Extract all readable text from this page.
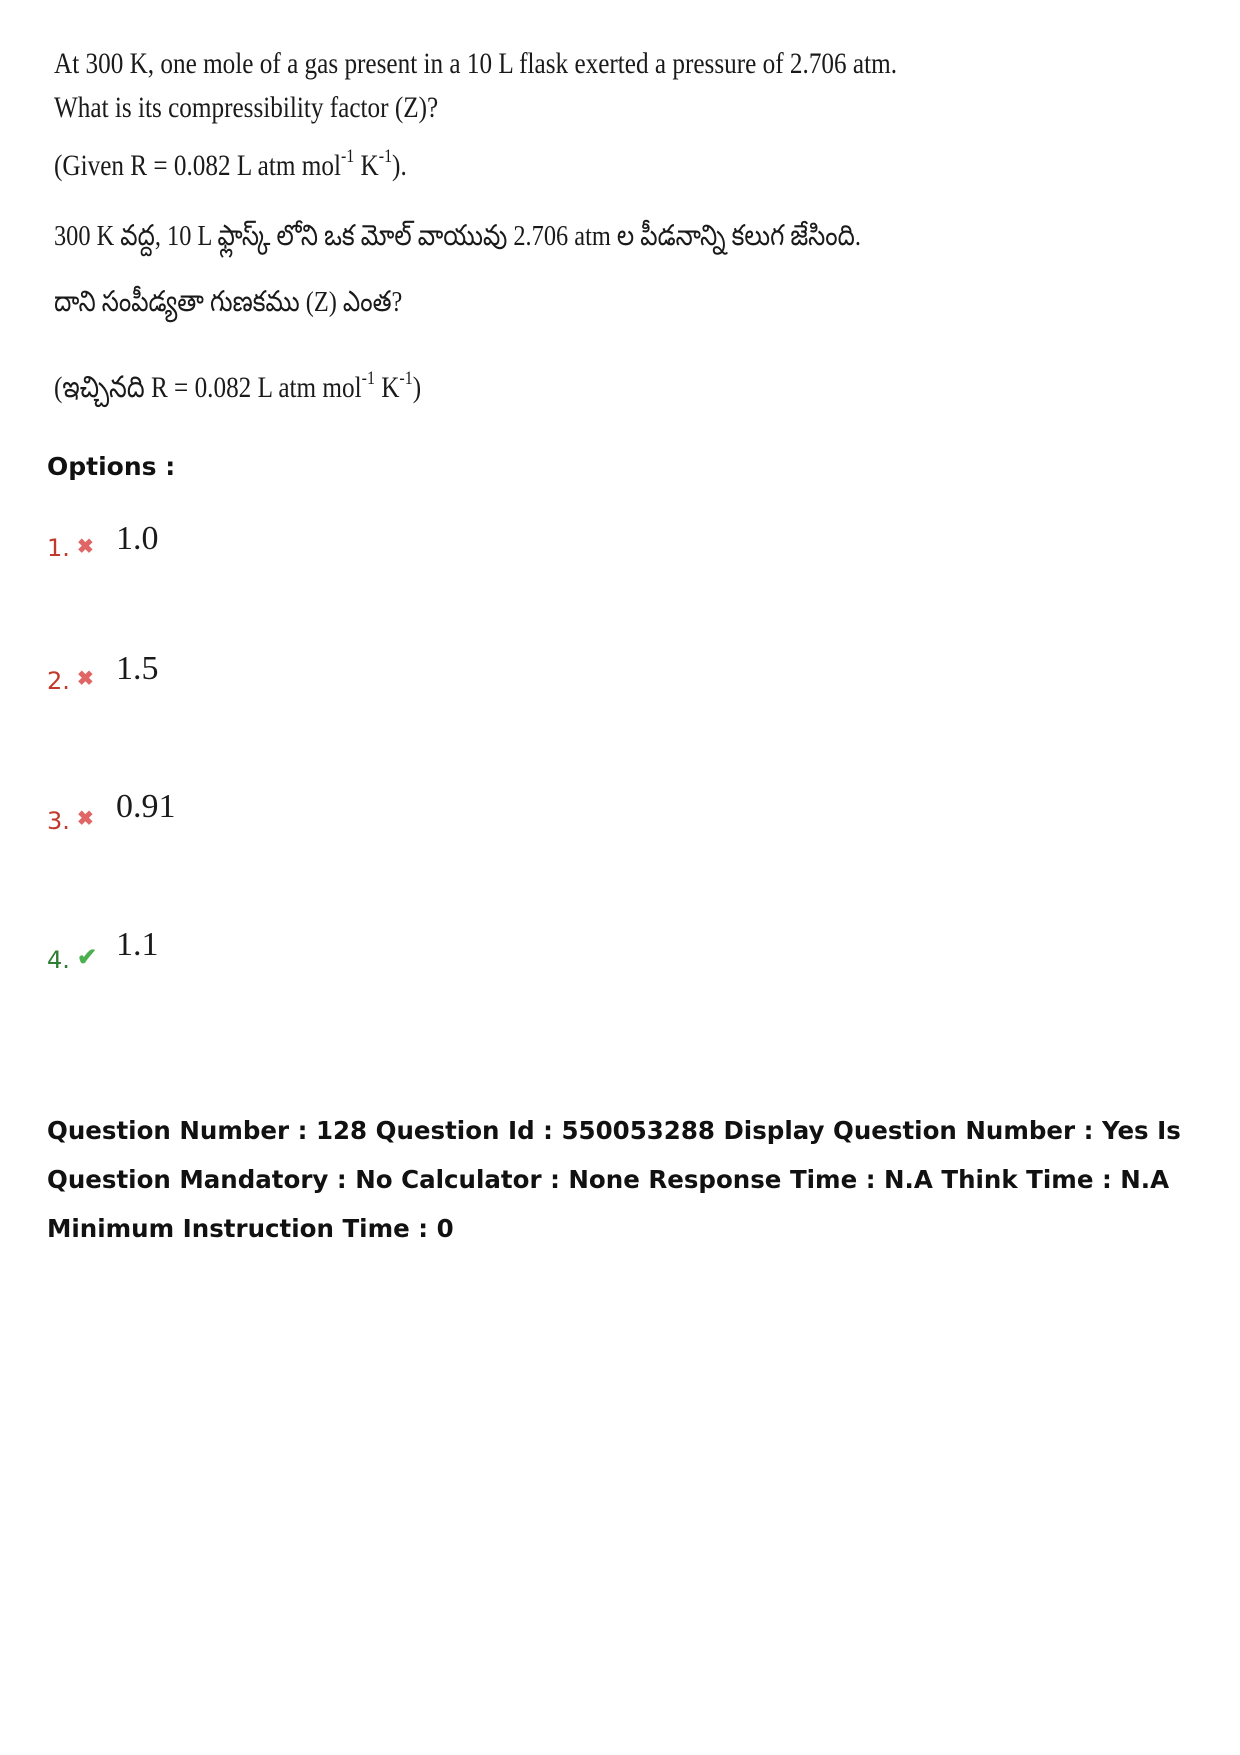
At 300 K, one mole of a gas present in a 10 L flask exerted a pressure of 2.706 atm.
What is its compressibility factor (Z)?
(Given R = 0.082 L atm mol$^{-1}$ $K^{-1}$).
300 K వద్ద, 10 L ఫ్లాస్క్ లోని ఒక మోల్ వాయువు 2.706 atm ల పీడనాన్ని కలుగ జేసింది.
దాని సంపీడ్యతా గుణకము (Z) ఎంత?
(ఇచ్చినది R = 0.082 L atm mol$^{-1}$ $K^{-1}$)
Options :
1. ✖ 1.0
2. ✖ 1.5
3. ✖ 0.91
4. ✔ 1.1
Question Number : 128 Question Id : 550053288 Display Question Number : Yes Is Question Mandatory : No Calculator : None Response Time : N.A Think Time : N.A Minimum Instruction Time : 0
